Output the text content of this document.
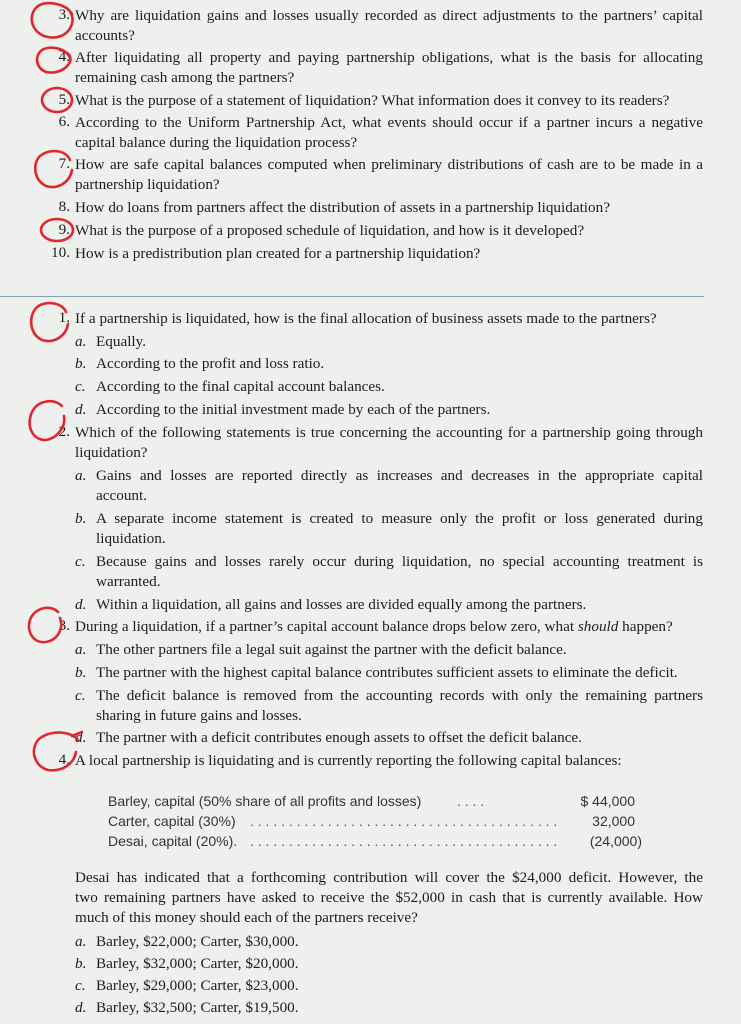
3. Why are liquidation gains and losses usually recorded as direct adjustments to the partners’ capital
accounts?
4. After liquidating all property and paying partnership obligations, what is the basis for allocating
remaining cash among the partners?
5. What is the purpose of a statement of liquidation? What information does it convey to its readers?
6. According to the Uniform Partnership Act, what events should occur if a partner incurs a negative
capital balance during the liquidation process?
7. How are safe capital balances computed when preliminary distributions of cash are to be made in a
partnership liquidation?
8. How do loans from partners affect the distribution of assets in a partnership liquidation?
9. What is the purpose of a proposed schedule of liquidation, and how is it developed?
10. How is a predistribution plan created for a partnership liquidation?
1. If a partnership is liquidated, how is the final allocation of business assets made to the partners?
a. Equally.
b. According to the profit and loss ratio.
c. According to the final capital account balances.
d. According to the initial investment made by each of the partners.
2. Which of the following statements is true concerning the accounting for a partnership going through
liquidation?
a. Gains and losses are reported directly as increases and decreases in the appropriate capital
account.
b. A separate income statement is created to measure only the profit or loss generated during
liquidation.
c. Because gains and losses rarely occur during liquidation, no special accounting treatment is
warranted.
d. Within a liquidation, all gains and losses are divided equally among the partners.
3. During a liquidation, if a partner’s capital account balance drops below zero, what should happen?
a. The other partners file a legal suit against the partner with the deficit balance.
b. The partner with the highest capital balance contributes sufficient assets to eliminate the deficit.
c. The deficit balance is removed from the accounting records with only the remaining partners
sharing in future gains and losses.
d. The partner with a deficit contributes enough assets to offset the deficit balance.
4. A local partnership is liquidating and is currently reporting the following capital balances:
Barley, capital (50% share of all profits and losses)	. . . .	$ 44,000
Carter, capital (30%) . . . . . . . . . . . . . . . . . . . . . . . . . . . . . . . . . . . . . . . .	32,000
Desai, capital (20%). . . . . . . . . . . . . . . . . . . . . . . . . . . . . . . . . . . . . . . . .	(24,000)
Desai has indicated that a forthcoming contribution will cover the $24,000 deficit. However, the
two remaining partners have asked to receive the $52,000 in cash that is currently available. How
much of this money should each of the partners receive?
a. Barley, $22,000; Carter, $30,000.
b. Barley, $32,000; Carter, $20,000.
c. Barley, $29,000; Carter, $23,000.
d. Barley, $32,500; Carter, $19,500.
